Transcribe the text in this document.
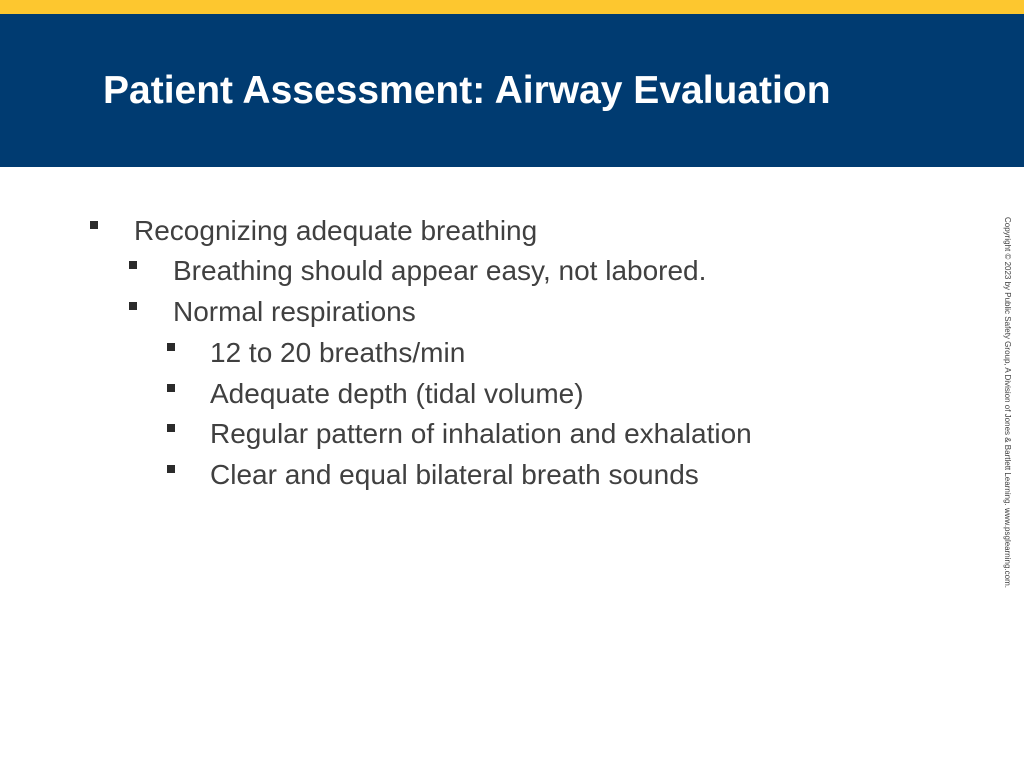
Patient Assessment: Airway Evaluation
Recognizing adequate breathing
Breathing should appear easy, not labored.
Normal respirations
12 to 20 breaths/min
Adequate depth (tidal volume)
Regular pattern of inhalation and exhalation
Clear and equal bilateral breath sounds	Copyright © 2023 by Public Safety Group, A Division of Jones & Bartlett Learning. www.psglearning.com.
